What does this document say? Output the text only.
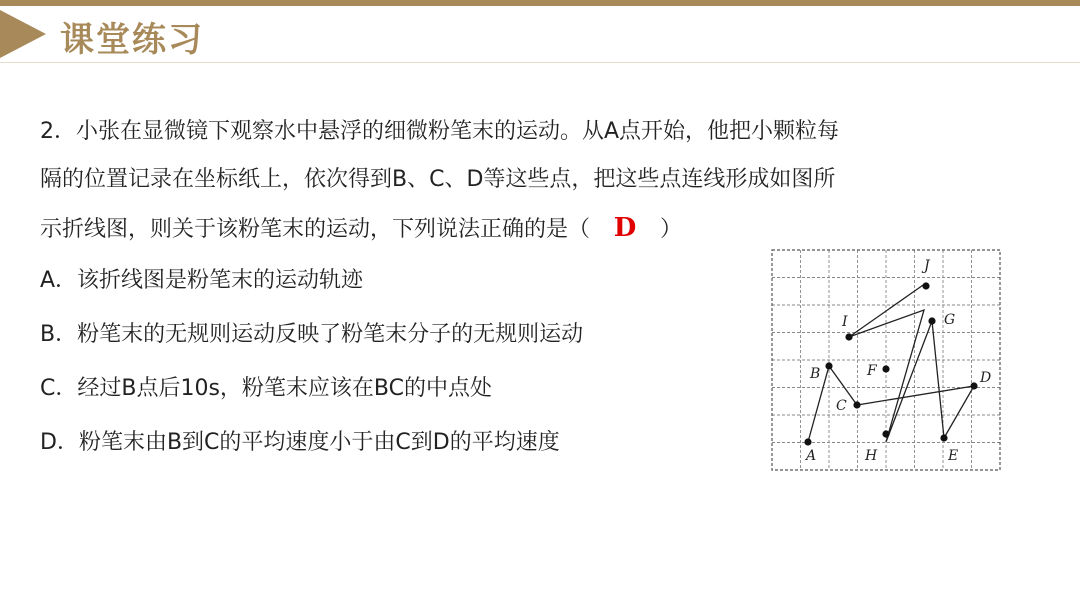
课堂练习
2．小张在显微镜下观察水中悬浮的细微粉笔末的运动。从A点开始，他把小颗粒每
隔的位置记录在坐标纸上，依次得到B、C、D等这些点，把这些点连线形成如图所
示折线图，则关于该粉笔末的运动，下列说法正确的是（ D ）
A．该折线图是粉笔末的运动轨迹
B．粉笔末的无规则运动反映了粉笔末分子的无规则运动
C．经过B点后10s，粉笔末应该在BC的中点处
D．粉笔末由B到C的平均速度小于由C到D的平均速度
A
B
C
D
E
F
G
H
I
J
